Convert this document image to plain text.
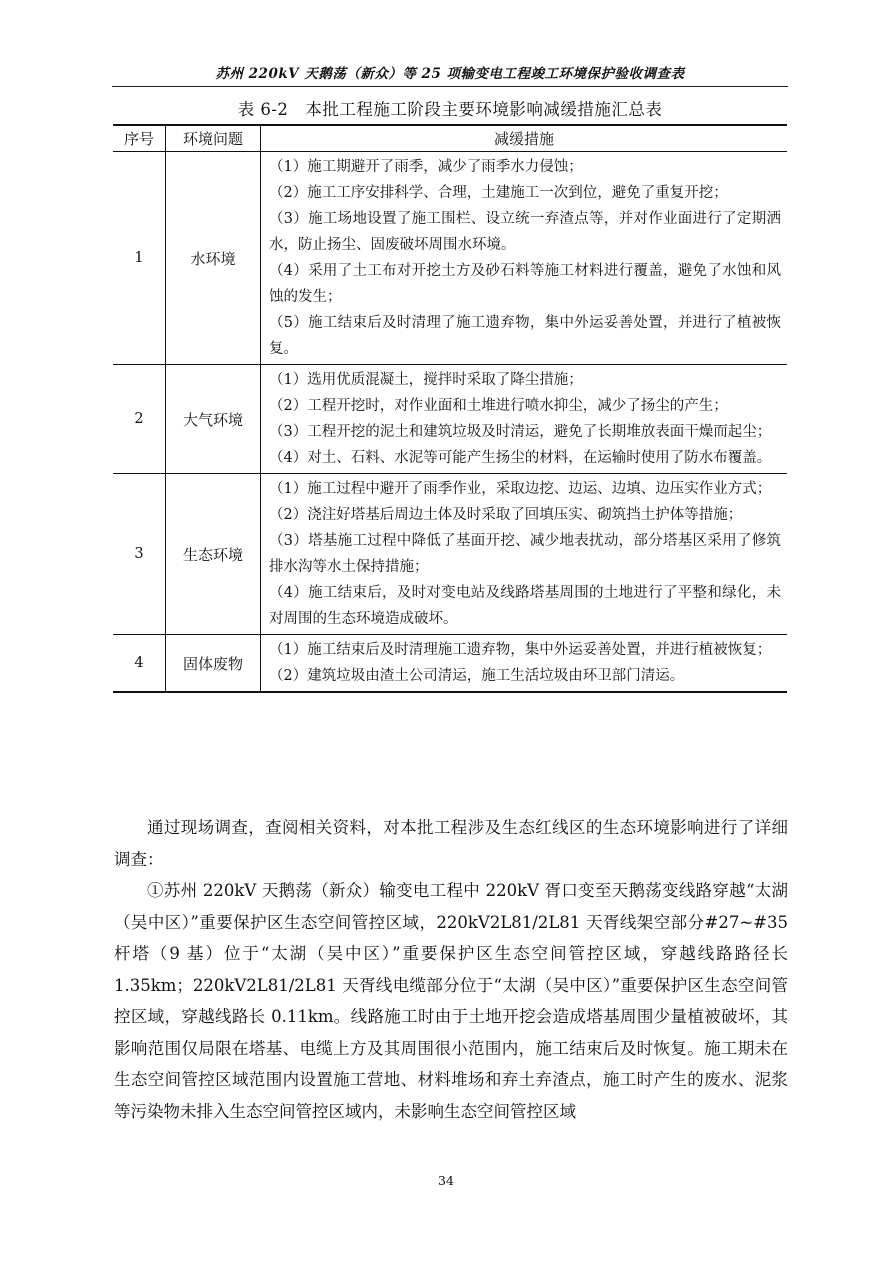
苏州 220kV 天鹅荡（新众）等 25 项输变电工程竣工环境保护验收调查表
表 6-2　本批工程施工阶段主要环境影响减缓措施汇总表
序号	环境问题	减缓措施
1	水环境	（1）施工期避开了雨季，减少了雨季水力侵蚀；
（2）施工工序安排科学、合理，土建施工一次到位，避免了重复开挖；
（3）施工场地设置了施工围栏、设立统一弃渣点等，并对作业面进行了定期洒水，防止扬尘、固废破坏周围水环境。
（4）采用了土工布对开挖土方及砂石料等施工材料进行覆盖，避免了水蚀和风蚀的发生；
（5）施工结束后及时清理了施工遗弃物，集中外运妥善处置，并进行了植被恢复。

2	大气环境	（1）选用优质混凝土，搅拌时采取了降尘措施；
（2）工程开挖时，对作业面和土堆进行喷水抑尘，减少了扬尘的产生；
（3）工程开挖的泥土和建筑垃圾及时清运，避免了长期堆放表面干燥而起尘；
（4）对土、石料、水泥等可能产生扬尘的材料，在运输时使用了防水布覆盖。

3	生态环境	（1）施工过程中避开了雨季作业，采取边挖、边运、边填、边压实作业方式；
（2）浇注好塔基后周边土体及时采取了回填压实、砌筑挡土护体等措施；
（3）塔基施工过程中降低了基面开挖、减少地表扰动，部分塔基区采用了修筑排水沟等水土保持措施；
（4）施工结束后，及时对变电站及线路塔基周围的土地进行了平整和绿化，未对周围的生态环境造成破坏。

4	固体废物	（1）施工结束后及时清理施工遗弃物，集中外运妥善处置，并进行植被恢复；
（2）建筑垃圾由渣土公司清运，施工生活垃圾由环卫部门清运。

通过现场调查，查阅相关资料，对本批工程涉及生态红线区的生态环境影响进行了详细调查：

①苏州 220kV 天鹅荡（新众）输变电工程中 220kV 胥口变至天鹅荡变线路穿越“太湖（吴中区）”重要保护区生态空间管控区域，220kV2L81/2L81 天胥线架空部分#27~#35 杆塔（9 基）位于“太湖（吴中区）”重要保护区生态空间管控区域，穿越线路路径长 1.35km；220kV2L81/2L81 天胥线电缆部分位于“太湖（吴中区）”重要保护区生态空间管控区域，穿越线路长 0.11km。线路施工时由于土地开挖会造成塔基周围少量植被破坏，其影响范围仅局限在塔基、电缆上方及其周围很小范围内，施工结束后及时恢复。施工期未在生态空间管控区域范围内设置施工营地、材料堆场和弃土弃渣点，施工时产生的废水、泥浆等污染物未排入生态空间管控区域内，未影响生态空间管控区域

34
